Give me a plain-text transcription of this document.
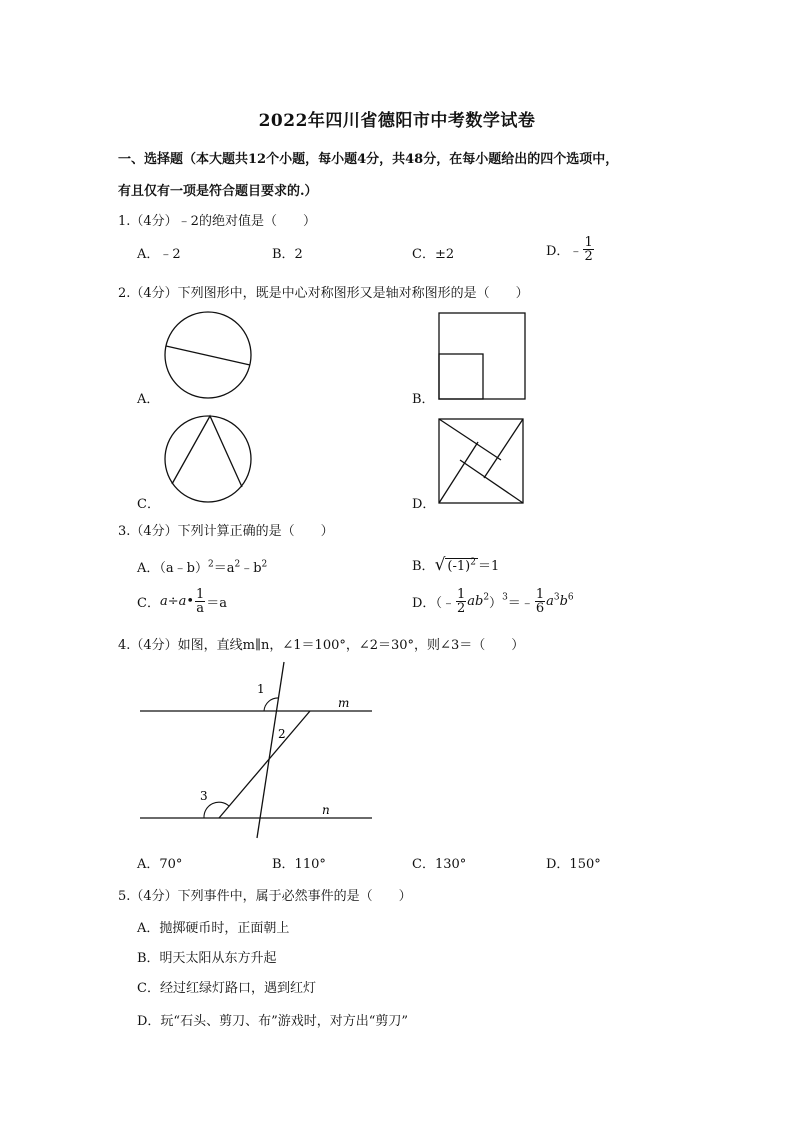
2022年四川省德阳市中考数学试卷
一、选择题（本大题共12个小题，每小题4分，共48分，在每小题给出的四个选项中，
有且仅有一项是符合题目要求的.）
1.（4分）﹣2的绝对值是（　　）
A．﹣2	B．2	C．±2	D．﹣ $\frac{1}{2}$
2.（4分）下列图形中，既是中心对称图形又是轴对称图形的是（　　）
A．	B．
C．	D．
3.（4分）下列计算正确的是（　　）
A．$(a﹣b)^2=a^2﹣b^2$	B．√ $(-1)^2 =1$
C．a÷a• $\frac{1}{a} =a$	D．（﹣ $\frac{1}{2}$ $ab^2)^3=﹣ \frac{1}{6} a^3b^6$
4.（4分）如图，直线m∥n，∠1＝100°，∠2＝30°，则∠3＝（　　）
1
2
3
m
n
A．70°	B．110°	C．130°	D．150°
5.（4分）下列事件中，属于必然事件的是（　　）
A．抛掷硬币时，正面朝上
B．明天太阳从东方升起
C．经过红绿灯路口，遇到红灯
D．玩“石头、剪刀、布”游戏时，对方出“剪刀”
